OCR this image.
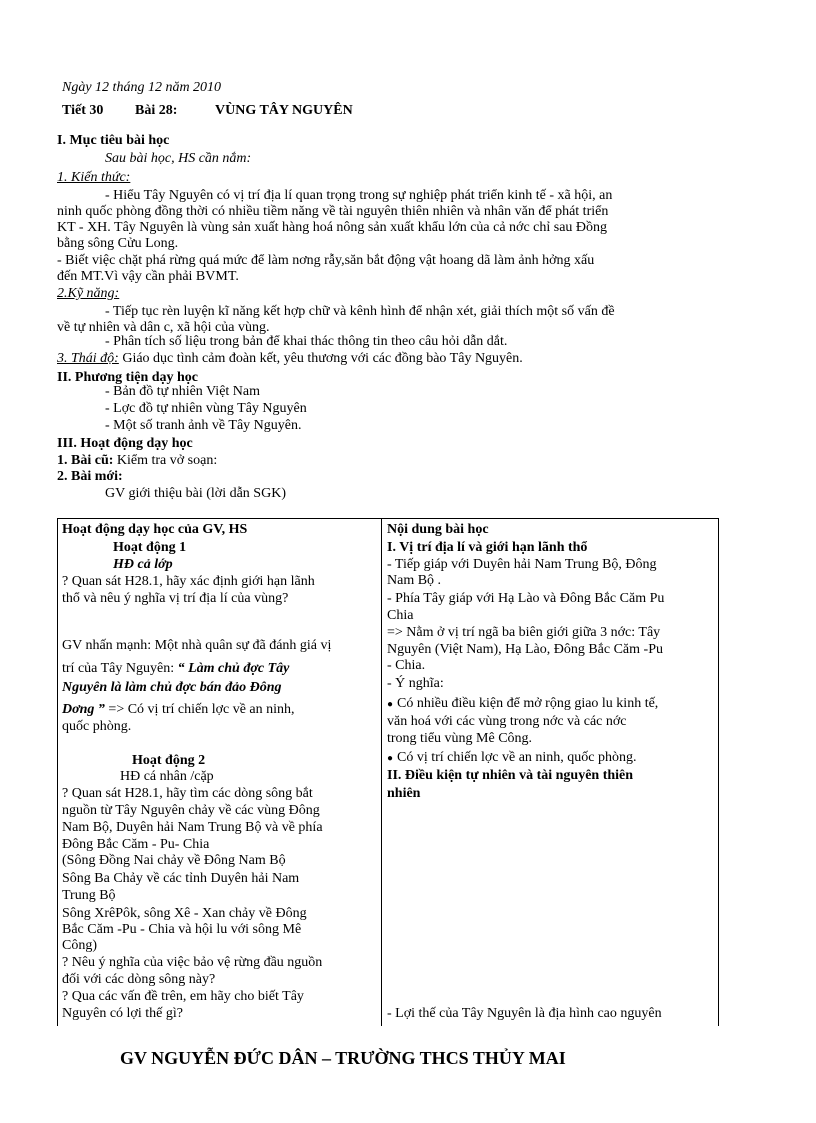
Ngày 12 tháng 12 năm 2010
Tiết 30 Bài 28:	VÙNG TÂY NGUYÊN
I. Mục tiêu bài học
Sau bài học, HS cần nắm:
1. Kiến thức:
- Hiểu Tây Nguyên có vị trí địa lí quan trọng trong sự nghiệp phát triển kinh tế - xã hội, an
ninh quốc phòng đồng thời có nhiều tiềm năng về tài nguyên thiên nhiên và nhân văn để phát triển
KT - XH. Tây Nguyên là vùng sản xuất hàng hoá nông sản xuất khẩu lớn của cả nớc chỉ sau Đồng
bằng sông Cửu Long.
- Biết việc chặt phá rừng quá mức để làm nơng rẫy,săn bắt động vật hoang dã làm ảnh hởng xấu
đến MT.Vì vậy cần phải BVMT.
2.Kỹ năng:
- Tiếp tục rèn luyện kĩ năng kết hợp chữ và kênh hình để nhận xét, giải thích một số vấn đề
về tự nhiên và dân c, xã hội của vùng.
- Phân tích số liệu trong bản để khai thác thông tin theo câu hỏi dẫn dắt.
3. Thái độ: Giáo dục tình cảm đoàn kết, yêu thương với các đồng bào Tây Nguyên.
II. Phương tiện dạy học
- Bản đồ tự nhiên Việt Nam
- Lợc đồ tự nhiên vùng Tây Nguyên
- Một số tranh ảnh về Tây Nguyên.
III. Hoạt động dạy học
1. Bài cũ: Kiểm tra vở soạn:
2. Bài mới:
GV giới thiệu bài (lời dẫn SGK)
Hoạt động dạy học của GV, HS
Hoạt động 1
HĐ cả lớp
? Quan sát H28.1, hãy xác định giới hạn lãnh
thổ và nêu ý nghĩa vị trí địa lí của vùng?
GV nhấn mạnh: Một nhà quân sự đã đánh giá vị
trí của Tây Nguyên: “ Làm chủ đợc Tây
Nguyên là làm chủ đợc bán đảo Đông
Dơng ” => Có vị trí chiến lợc về an ninh,
quốc phòng.
Hoạt động 2
HĐ cá nhân /cặp
? Quan sát H28.1, hãy tìm các dòng sông bắt
nguồn từ Tây Nguyên chảy về các vùng Đông
Nam Bộ, Duyên hải Nam Trung Bộ và về phía
Đông Bắc Căm - Pu- Chia
(Sông Đồng Nai chảy về Đông Nam Bộ
Sông Ba Chảy về các tỉnh Duyên hải Nam
Trung Bộ
Sông XrêPôk, sông Xê - Xan chảy về Đông
Bắc Căm -Pu - Chia và hội lu với sông Mê
Công)
? Nêu ý nghĩa của việc bảo vệ rừng đầu nguồn
đối với các dòng sông này?
? Qua các vấn đề trên, em hãy cho biết Tây
Nguyên có lợi thế gì?
Nội dung bài học
I. Vị trí địa lí và giới hạn lãnh thổ
- Tiếp giáp với Duyên hải Nam Trung Bộ, Đông
Nam Bộ .
- Phía Tây giáp với Hạ Lào và Đông Bắc Căm Pu
Chia
=> Nằm ở vị trí ngã ba biên giới giữa 3 nớc: Tây
Nguyên (Việt Nam), Hạ Lào, Đông Bắc Căm -Pu
- Chia.
- Ý nghĩa:
● Có nhiều điều kiện để mở rộng giao lu kinh tế,
văn hoá với các vùng trong nớc và các nớc
trong tiểu vùng Mê Công.
● Có vị trí chiến lợc về an ninh, quốc phòng.
II. Điều kiện tự nhiên và tài nguyên thiên
nhiên
- Lợi thế của Tây Nguyên là địa hình cao nguyên
GV NGUYỄN ĐỨC DÂN – TRƯỜNG THCS THỦY MAI
